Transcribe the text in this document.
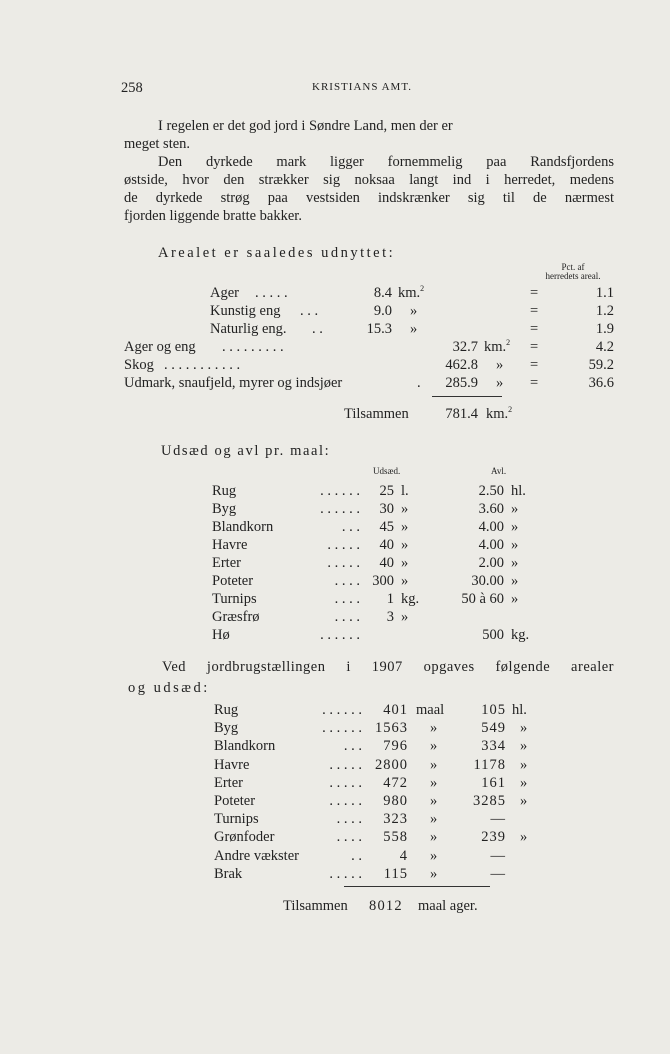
258	KRISTIANS AMT.
I regelen er det god jord i Søndre Land, men der er
meget sten.
Den dyrkede mark ligger fornemmelig paa Randsfjordens
østside, hvor den strækker sig noksaa langt ind i herredet, medens
de dyrkede strøg paa vestsiden indskrænker sig til de nærmest
fjorden liggende bratte bakker.
Arealet er saaledes udnyttet:
Pct. af
herredets areal.
Ager . . . . .	8.4 km.$^2$	=	1.1
Kunstig eng . . .	9.0 »	=	1.2
Naturlig eng. . .	15.3 »	=	1.9
Ager og eng . . . . . . . . .	32.7 km.$^2$ =	4.2
Skog . . . . . . . . . . .	462.8 » =	59.2
Udmark, snaufjeld, myrer og indsjøer	.	285.9 » =	36.6
Tilsammen	781.4 km.$^2$
Udsæd og avl pr. maal:
Udsæd.	Avl.
Rug	. . . . . .	25 l.	2.50 hl.
Byg	. . . . . .	30 »	3.60 »
Blandkorn	. . .	45 »	4.00 »
Havre	. . . . .	40 »	4.00 »
Erter	. . . . .	40 »	2.00 »
Poteter	. . . . 300 »	30.00 »
Turnips	. . . .	1 kg.	50 à 60 »
Græsfrø	. . . .	3 »
Hø	. . . . . .	500 kg.
Ved jordbrugstællingen i 1907 opgaves følgende arealer
og udsæd:
Rug	. . . . . .	401 maal	105 hl.
Byg	. . . . . . 1563 »	549 »
Blandkorn	. . .	796 »	334 »
Havre	. . . . . 2800 »	1178 »
Erter	. . . . .	472 »	161 »
Poteter	. . . . .	980 »	3285 »
Turnips	. . . .	323 »	—
Grønfoder	. . . .	558 »	239 »
Andre vækster	. .	4 »	—
Brak	. . . . .	115 »	—
Tilsammen 8012 maal ager.
